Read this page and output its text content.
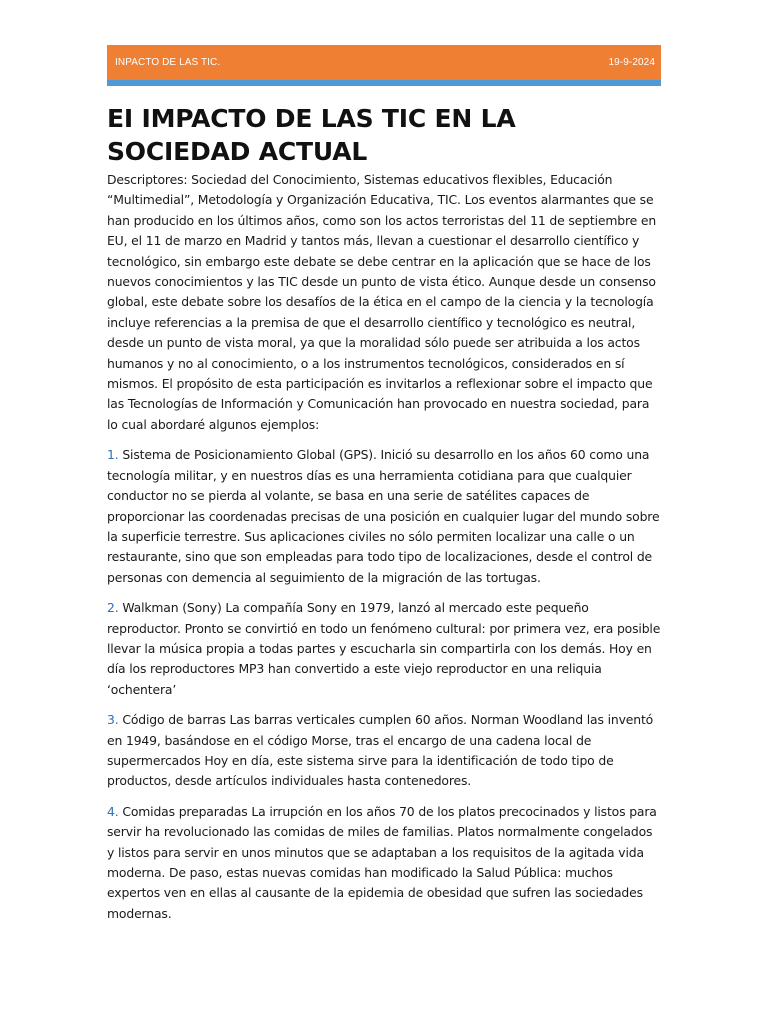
INPACTO DE LAS TIC.	19-9-2024
EI IMPACTO DE LAS TIC EN LA SOCIEDAD ACTUAL

Descriptores: Sociedad del Conocimiento, Sistemas educativos flexibles, Educación “Multimedial”, Metodología y Organización Educativa, TIC. Los eventos alarmantes que se han producido en los últimos años, como son los actos terroristas del 11 de septiembre en EU, el 11 de marzo en Madrid y tantos más, llevan a cuestionar el desarrollo científico y tecnológico, sin embargo este debate se debe centrar en la aplicación que se hace de los nuevos conocimientos y las TIC desde un punto de vista ético. Aunque desde un consenso global, este debate sobre los desafíos de la ética en el campo de la ciencia y la tecnología incluye referencias a la premisa de que el desarrollo científico y tecnológico es neutral, desde un punto de vista moral, ya que la moralidad sólo puede ser atribuida a los actos humanos y no al conocimiento, o a los instrumentos tecnológicos, considerados en sí mismos. El propósito de esta participación es invitarlos a reflexionar sobre el impacto que las Tecnologías de Información y Comunicación han provocado en nuestra sociedad, para lo cual abordaré algunos ejemplos:

1. Sistema de Posicionamiento Global (GPS). Inició su desarrollo en los años 60 como una tecnología militar, y en nuestros días es una herramienta cotidiana para que cualquier conductor no se pierda al volante, se basa en una serie de satélites capaces de proporcionar las coordenadas precisas de una posición en cualquier lugar del mundo sobre la superficie terrestre. Sus aplicaciones civiles no sólo permiten localizar una calle o un restaurante, sino que son empleadas para todo tipo de localizaciones, desde el control de personas con demencia al seguimiento de la migración de las tortugas.

2. Walkman (Sony) La compañía Sony en 1979, lanzó al mercado este pequeño reproductor. Pronto se convirtió en todo un fenómeno cultural: por primera vez, era posible llevar la música propia a todas partes y escucharla sin compartirla con los demás. Hoy en día los reproductores MP3 han convertido a este viejo reproductor en una reliquia ‘ochentera’

3. Código de barras Las barras verticales cumplen 60 años. Norman Woodland las inventó en 1949, basándose en el código Morse, tras el encargo de una cadena local de supermercados Hoy en día, este sistema sirve para la identificación de todo tipo de productos, desde artículos individuales hasta contenedores.

4. Comidas preparadas La irrupción en los años 70 de los platos precocinados y listos para servir ha revolucionado las comidas de miles de familias. Platos normalmente congelados y listos para servir en unos minutos que se adaptaban a los requisitos de la agitada vida moderna. De paso, estas nuevas comidas han modificado la Salud Pública: muchos expertos ven en ellas al causante de la epidemia de obesidad que sufren las sociedades modernas.
